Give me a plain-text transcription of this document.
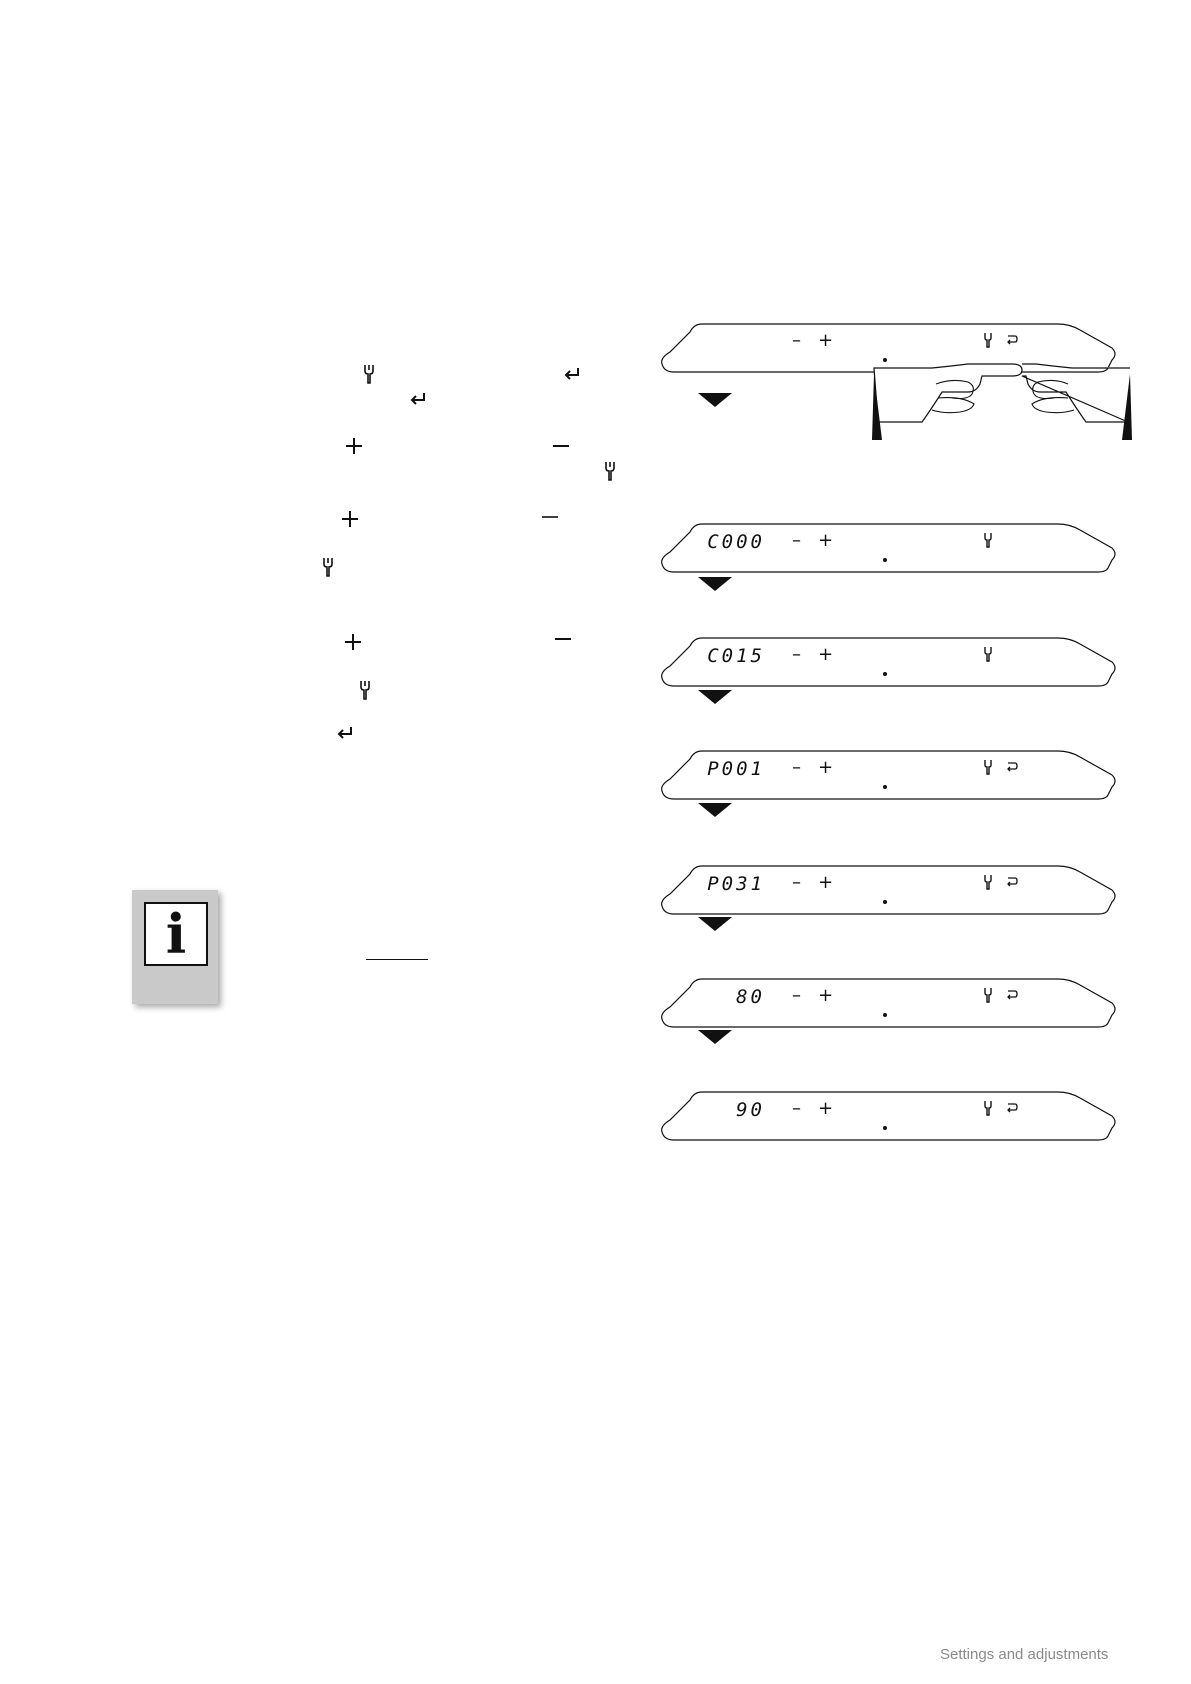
i
– +
C000 – +
C015 – +
P001 – +
P031 – +
80 – +
90 – +
Settings and adjustments
